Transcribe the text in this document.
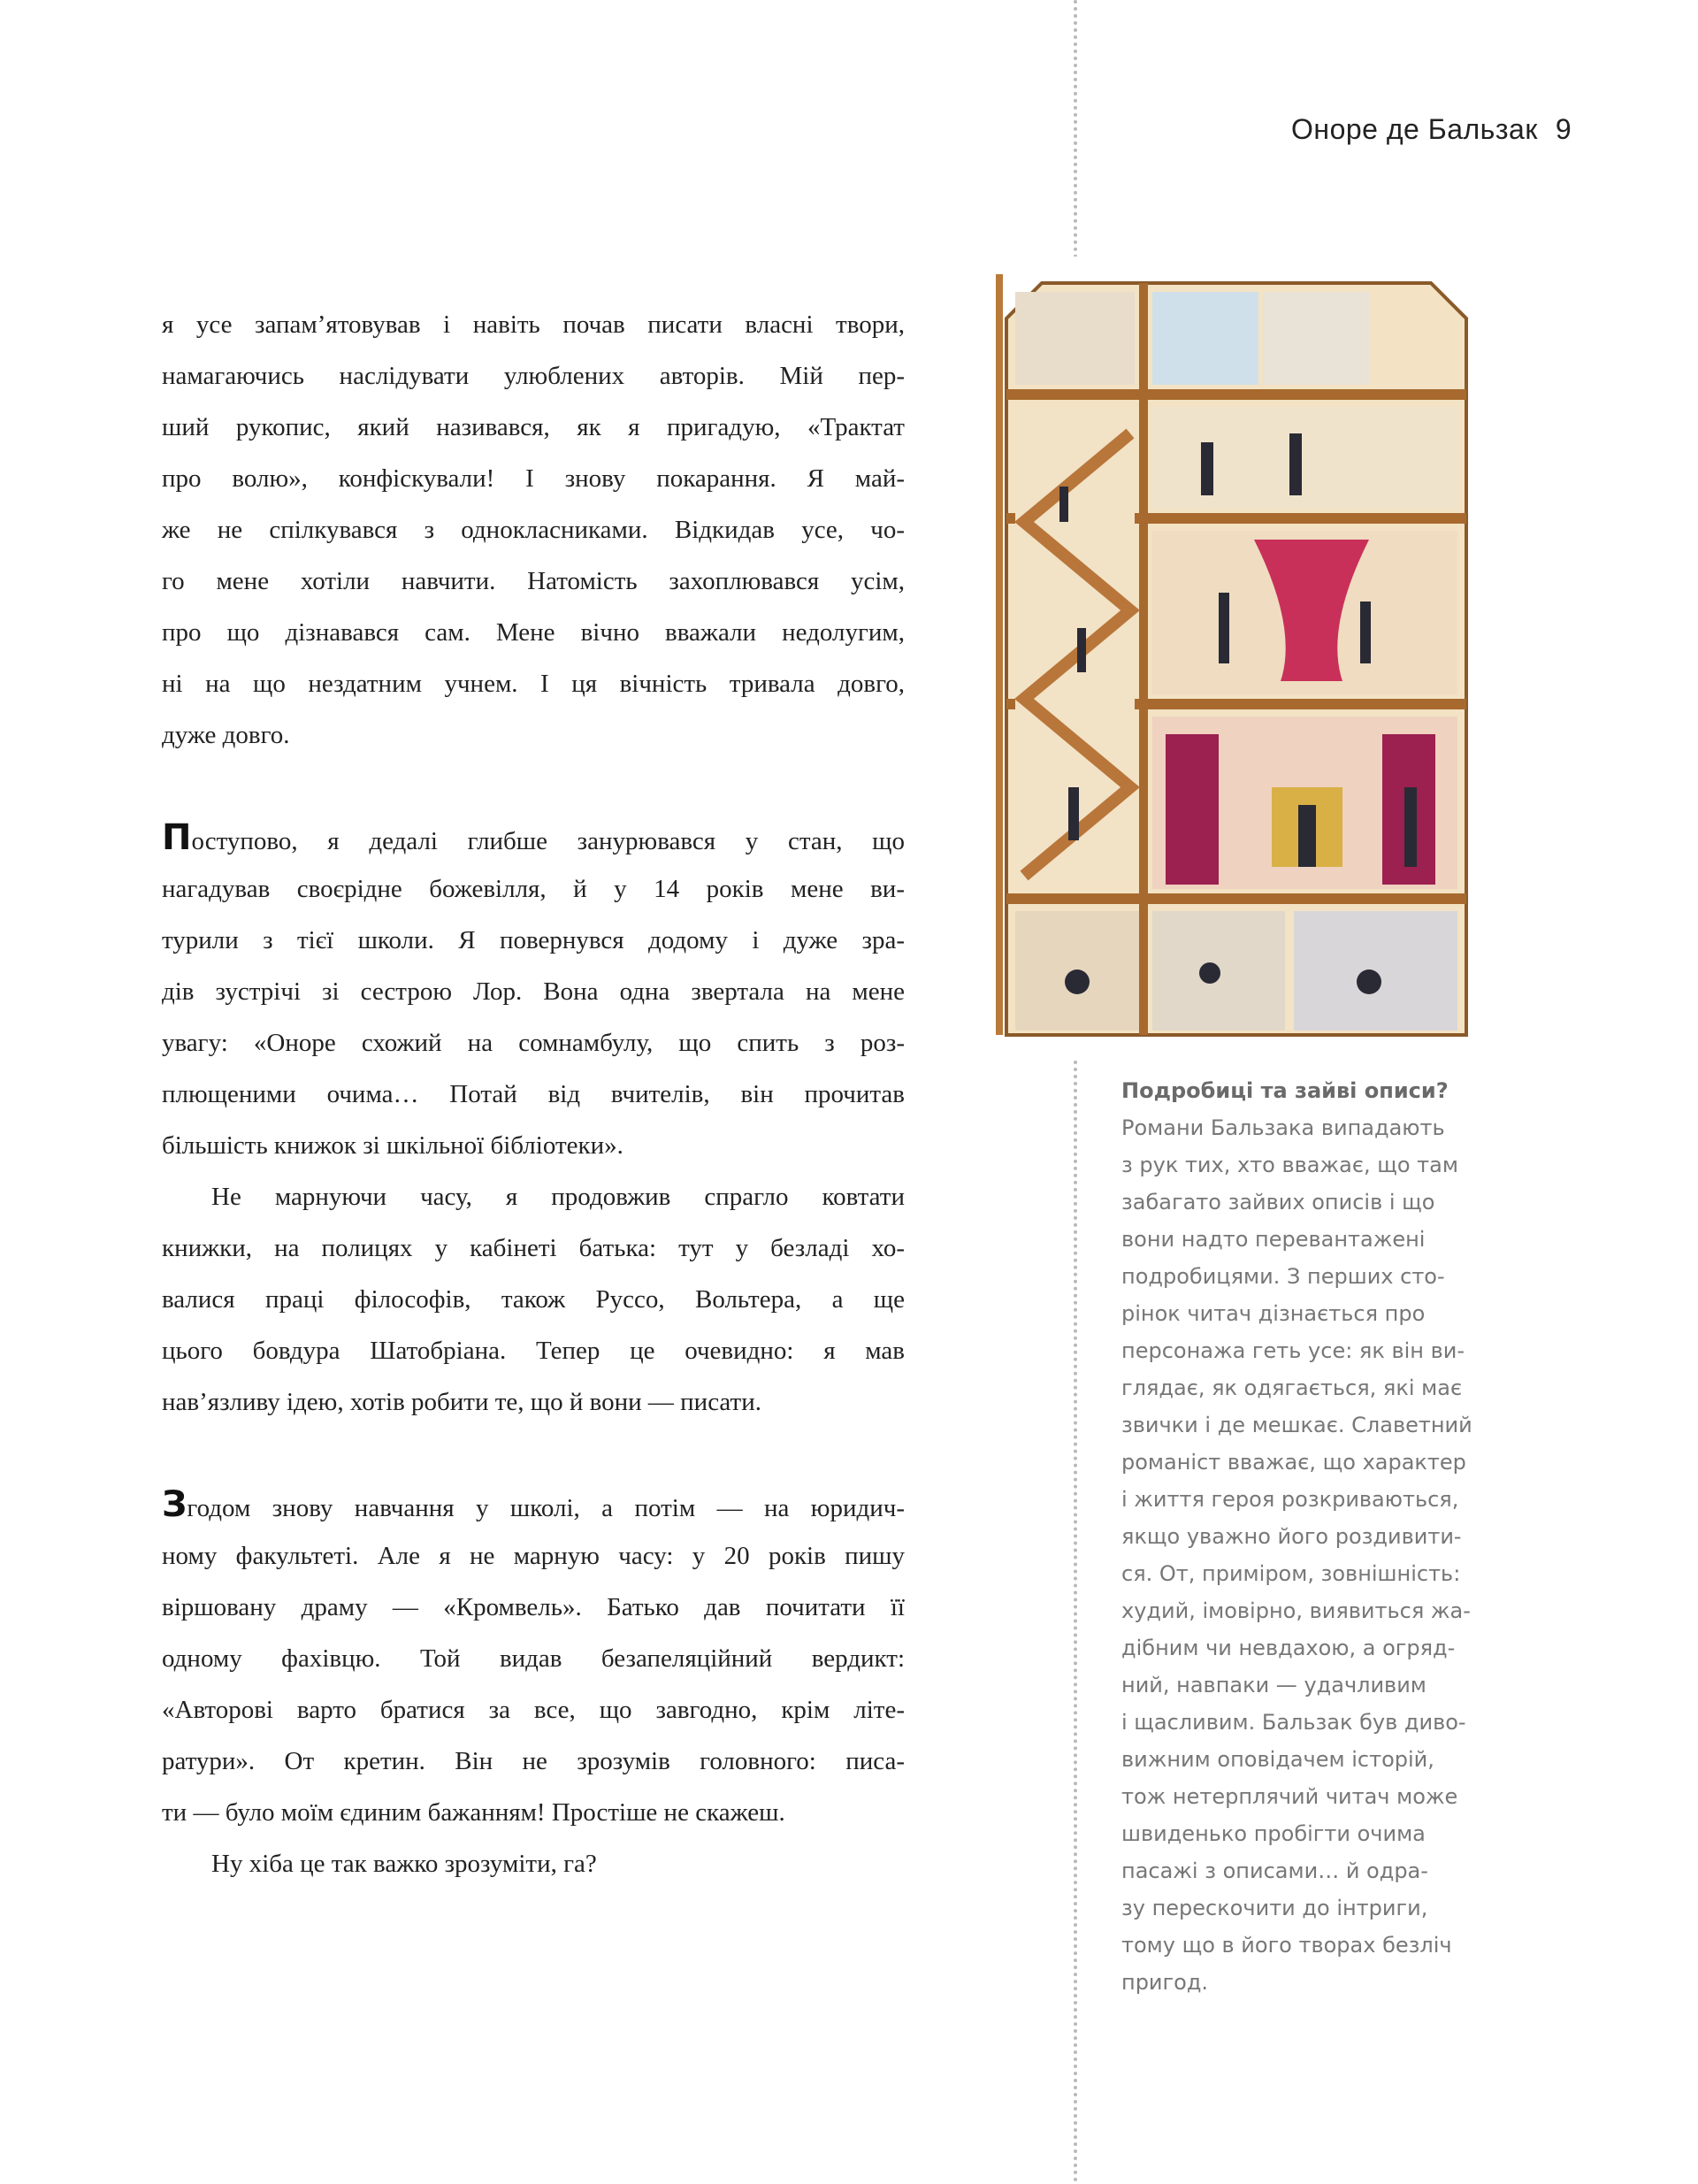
Оноре де Бальзак 9
я усе запам’ятовував і навіть почав писати власні твори,
намагаючись наслідувати улюблених авторів. Мій пер-
ший рукопис, який називався, як я пригадую, «Трактат
про волю», конфіскували! І знову покарання. Я май-
же не спілкувався з однокласниками. Відкидав усе, чо-
го мене хотіли навчити. Натомість захоплювався усім,
про що дізнавався сам. Мене вічно вважали недолугим,
ні на що нездатним учнем. І ця вічність тривала довго,
дуже довго.
Поступово, я дедалі глибше занурювався у стан, що
нагадував своєрідне божевілля, й у 14 років мене ви-
турили з тієї школи. Я повернувся додому і дуже зра-
дів зустрічі зі сестрою Лор. Вона одна звертала на мене
увагу: «Оноре схожий на сомнамбулу, що спить з роз-
плющеними очима… Потай від вчителів, він прочитав
більшість книжок зі шкільної бібліотеки».
Не марнуючи часу, я продовжив спрагло ковтати
книжки, на полицях у кабінеті батька: тут у безладі хо-
валися праці філософів, також Руссо, Вольтера, а ще
цього бовдура Шатобріана. Тепер це очевидно: я мав
нав’язливу ідею, хотів робити те, що й вони — писати.
Згодом знову навчання у школі, а потім — на юридич-
ному факультеті. Але я не марную часу: у 20 років пишу
віршовану драму — «Кромвель». Батько дав почитати її
одному фахівцю. Той видав безапеляційний вердикт:
«Авторові варто братися за все, що завгодно, крім літе-
ратури». От кретин. Він не зрозумів головного: писа-
ти — було моїм єдиним бажанням! Простіше не скажеш.
Ну хіба це так важко зрозуміти, га?
Подробиці та зайві описи?
Романи Бальзака випадають
з рук тих, хто вважає, що там
забагато зайвих описів і що
вони надто перевантажені
подробицями. З перших сто-
рінок читач дізнається про
персонажа геть усе: як він ви-
глядає, як одягається, які має
звички і де мешкає. Славетний
романіст вважає, що характер
і життя героя розкриваються,
якщо уважно його роздивити-
ся. От, приміром, зовнішність:
худий, імовірно, виявиться жа-
дібним чи невдахою, а огряд-
ний, навпаки — удачливим
і щасливим. Бальзак був диво-
вижним оповідачем історій,
тож нетерплячий читач може
швиденько пробігти очима
пасажі з описами… й одра-
зу перескочити до інтриги,
тому що в його творах безліч
пригод.
